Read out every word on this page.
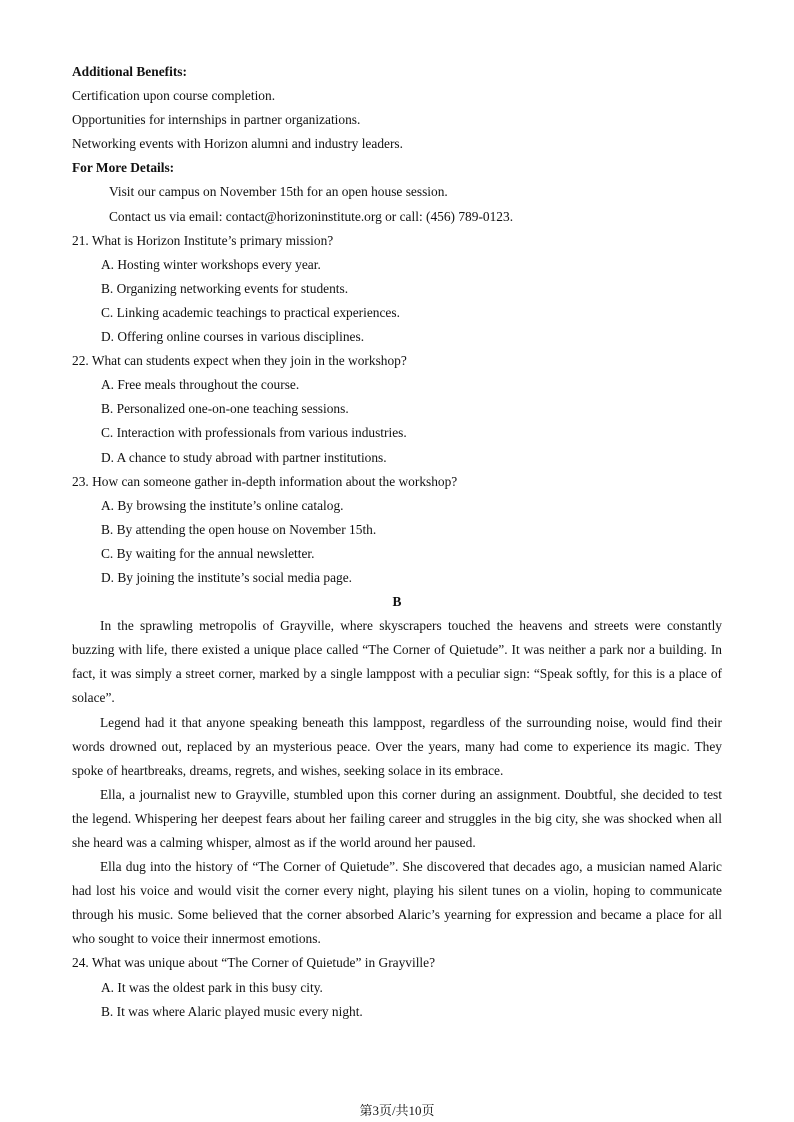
Additional Benefits:
Certification upon course completion.
Opportunities for internships in partner organizations.
Networking events with Horizon alumni and industry leaders.
For More Details:
Visit our campus on November 15th for an open house session.
Contact us via email: contact@horizoninstitute.org or call: (456) 789-0123.
21. What is Horizon Institute’s primary mission?
A. Hosting winter workshops every year.
B. Organizing networking events for students.
C. Linking academic teachings to practical experiences.
D. Offering online courses in various disciplines.
22. What can students expect when they join in the workshop?
A. Free meals throughout the course.
B. Personalized one-on-one teaching sessions.
C. Interaction with professionals from various industries.
D. A chance to study abroad with partner institutions.
23. How can someone gather in-depth information about the workshop?
A. By browsing the institute’s online catalog.
B. By attending the open house on November 15th.
C. By waiting for the annual newsletter.
D. By joining the institute’s social media page.
B

In the sprawling metropolis of Grayville, where skyscrapers touched the heavens and streets were constantly buzzing with life, there existed a unique place called “The Corner of Quietude”. It was neither a park nor a building. In fact, it was simply a street corner, marked by a single lamppost with a peculiar sign: “Speak softly, for this is a place of solace”.

Legend had it that anyone speaking beneath this lamppost, regardless of the surrounding noise, would find their words drowned out, replaced by an mysterious peace. Over the years, many had come to experience its magic. They spoke of heartbreaks, dreams, regrets, and wishes, seeking solace in its embrace.

Ella, a journalist new to Grayville, stumbled upon this corner during an assignment. Doubtful, she decided to test the legend. Whispering her deepest fears about her failing career and struggles in the big city, she was shocked when all she heard was a calming whisper, almost as if the world around her paused.

Ella dug into the history of “The Corner of Quietude”. She discovered that decades ago, a musician named Alaric had lost his voice and would visit the corner every night, playing his silent tunes on a violin, hoping to communicate through his music. Some believed that the corner absorbed Alaric’s yearning for expression and became a place for all who sought to voice their innermost emotions.

24. What was unique about “The Corner of Quietude” in Grayville?
A. It was the oldest park in this busy city.
B. It was where Alaric played music every night.
第3页/共10页
